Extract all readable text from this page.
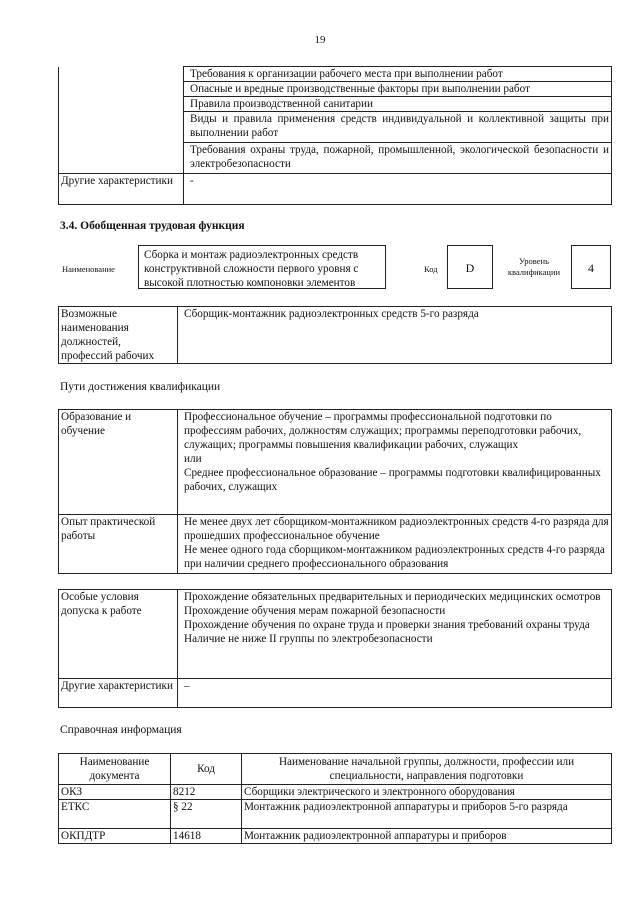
19
	Требования к организации рабочего места при выполнении работ
	Опасные и вредные производственные факторы при выполнении работ
	Правила производственной санитарии
	Виды и правила применения средств индивидуальной и коллективной защиты при выполнении работ
	Требования охраны труда, пожарной, промышленной, экологической безопасности и электробезопасности
Другие характеристики	-
3.4. Обобщенная трудовая функция
Наименование
Сборка и монтаж радиоэлектронных средств конструктивной сложности первого уровня с высокой плотностью компоновки элементов
Код	D	Уровень квалификации	4
Возможные наименования должностей, профессий рабочих	Сборщик-монтажник радиоэлектронных средств 5-го разряда
Пути достижения квалификации
Образование и обучение	Профессиональное обучение – программы профессиональной подготовки по профессиям рабочих, должностям служащих; программы переподготовки рабочих, служащих; программы повышения квалификации рабочих, служащих
или
Среднее профессиональное образование – программы подготовки квалифицированных рабочих, служащих

Опыт практической работы	Не менее двух лет сборщиком-монтажником радиоэлектронных средств 4-го разряда для прошедших профессиональное обучение
Не менее одного года сборщиком-монтажником радиоэлектронных средств 4-го разряда при наличии среднего профессионального образования
Особые условия допуска к работе	Прохождение обязательных предварительных и периодических медицинских осмотров
Прохождение обучения мерам пожарной безопасности
Прохождение обучения по охране труда и проверки знания требований охраны труда
Наличие не ниже II группы по электробезопасности

Другие характеристики	–
Справочная информация
Наименование документа	Код	Наименование начальной группы, должности, профессии или специальности, направления подготовки
ОКЗ	8212	Сборщики электрического и электронного оборудования
ЕТКС	§ 22	Монтажник радиоэлектронной аппаратуры и приборов 5-го разряда
ОКПДТР	14618	Монтажник радиоэлектронной аппаратуры и приборов
